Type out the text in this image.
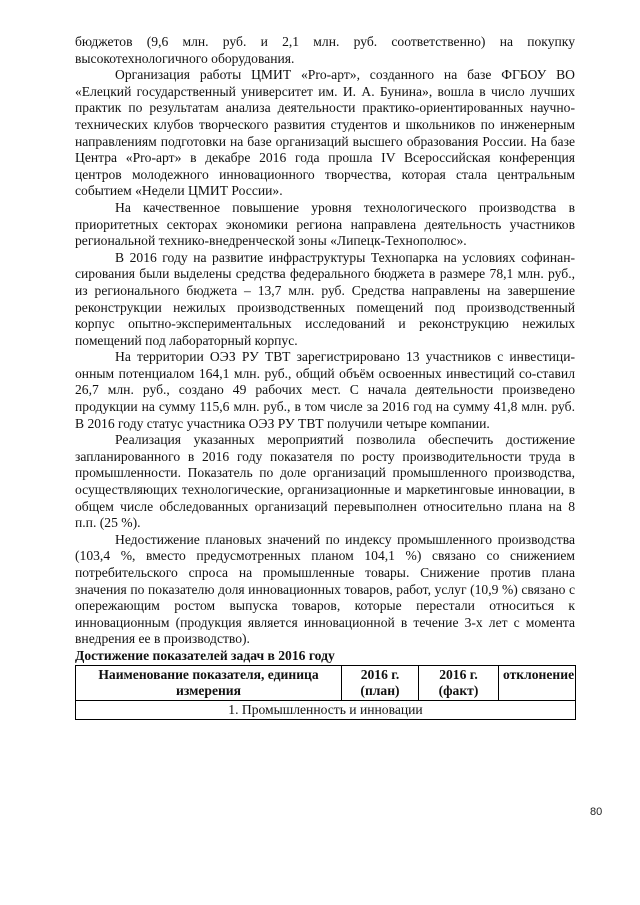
бюджетов (9,6 млн. руб. и 2,1 млн. руб. соответственно) на покупку высокотехнологичного оборудования.

Организация работы ЦМИТ «Pro-арт», созданного на базе ФГБОУ ВО «Елецкий государственный университет им. И. А. Бунина», вошла в число лучших практик по результатам анализа деятельности практико-ориентированных научно-технических клубов творческого развития студентов и школьников по инженерным направлениям подготовки на базе организаций высшего образования России. На базе Центра «Pro-арт» в декабре 2016 года прошла IV Всероссийская конференция центров молодежного инновационного творчества, которая стала центральным событием «Недели ЦМИТ России».

На качественное повышение уровня технологического производства в приоритетных секторах экономики региона направлена деятельность участников региональной технико-внедренческой зоны «Липецк-Технополюс».

В 2016 году на развитие инфраструктуры Технопарка на условиях софинан-сирования были выделены средства федерального бюджета в размере 78,1 млн. руб., из регионального бюджета – 13,7 млн. руб. Средства направлены на завершение реконструкции нежилых производственных помещений под производственный корпус опытно-экспериментальных исследований и реконструкцию нежилых помещений под лабораторный корпус.

На территории ОЭЗ РУ ТВТ зарегистрировано 13 участников с инвестици-онным потенциалом 164,1 млн. руб., общий объём освоенных инвестиций со-ставил 26,7 млн. руб., создано 49 рабочих мест. С начала деятельности произведено продукции на сумму 115,6 млн. руб., в том числе за 2016 год на сумму 41,8 млн. руб. В 2016 году статус участника ОЭЗ РУ ТВТ получили четыре компании.

Реализация указанных мероприятий позволила обеспечить достижение запланированного в 2016 году показателя по росту производительности труда в промышленности. Показатель по доле организаций промышленного производства, осуществляющих технологические, организационные и маркетинговые инновации, в общем числе обследованных организаций перевыполнен относительно плана на 8 п.п. (25 %).

Недостижение плановых значений по индексу промышленного производства (103,4 %, вместо предусмотренных планом 104,1 %) связано со снижением потребительского спроса на промышленные товары. Снижение против плана значения по показателю доля инновационных товаров, работ, услуг (10,9 %) связано с опережающим ростом выпуска товаров, которые перестали относиться к инновационным (продукция является инновационной в течение 3-х лет с момента внедрения ее в производство).

Достижение показателей задач в 2016 году

Наименование показателя, единица измерения	2016 г. (план)	2016 г. (факт)	отклонение
1. Промышленность и инновации
80
